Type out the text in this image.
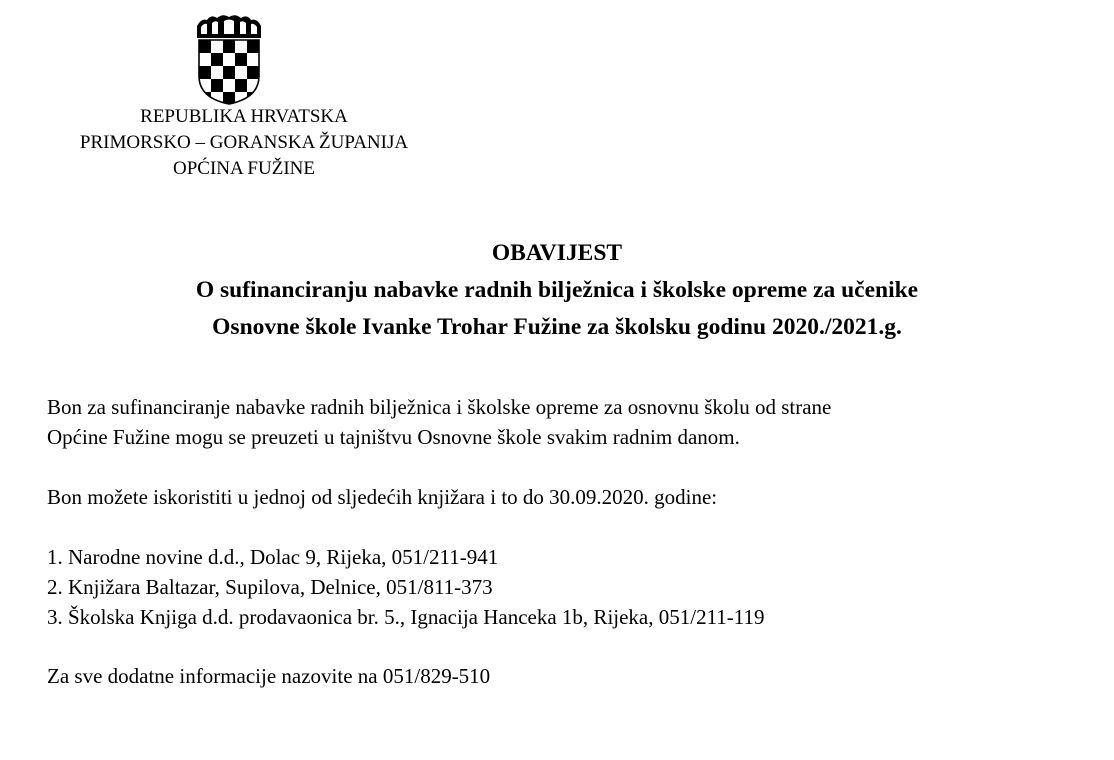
REPUBLIKA HRVATSKA
PRIMORSKO – GORANSKA ŽUPANIJA
OPĆINA FUŽINE
OBAVIJEST
O sufinanciranju nabavke radnih bilježnica i školske opreme za učenike
Osnovne škole Ivanke Trohar Fužine za školsku godinu 2020./2021.g.

Bon za sufinanciranje nabavke radnih bilježnica i školske opreme za osnovnu školu od strane

Općine Fužine mogu se preuzeti u tajništvu Osnovne škole svakim radnim danom.

Bon možete iskoristiti u jednoj od sljedećih knjižara i to do 30.09.2020. godine:

1. Narodne novine d.d., Dolac 9, Rijeka, 051/211-941

2. Knjižara Baltazar, Supilova, Delnice, 051/811-373

3. Školska Knjiga d.d. prodavaonica br. 5., Ignacija Hanceka 1b, Rijeka, 051/211-119

Za sve dodatne informacije nazovite na 051/829-510
